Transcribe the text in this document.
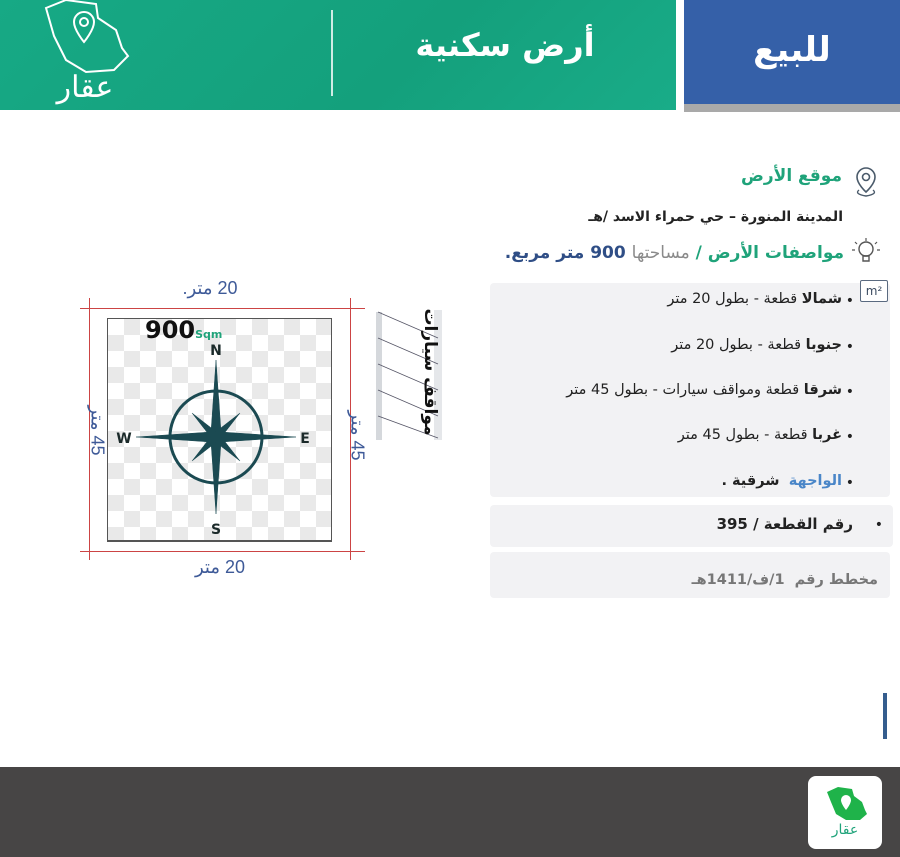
عقار
أرض سكنية	للبيع
موقع الأرض
المدينة المنورة – حي حمراء الاسد /هـ
مواصفات الأرض / مساحتها 900 متر مربع.
•
شمالا قطعة - بطول 20 متر
•
جنوبا قطعة - بطول 20 متر
•
شرقا قطعة ومواقف سيارات - بطول 45 متر
•
غربا قطعة - بطول 45 متر
•
الواجهة  شرقية .
m²
•
رقم القطعة / 395
مخطط رقم  1/ف/1411هـ
900Sqm
N
S
W	E
20 متر.
20 متر
45 متر
45 متر
مواقف سيارات
عقار
